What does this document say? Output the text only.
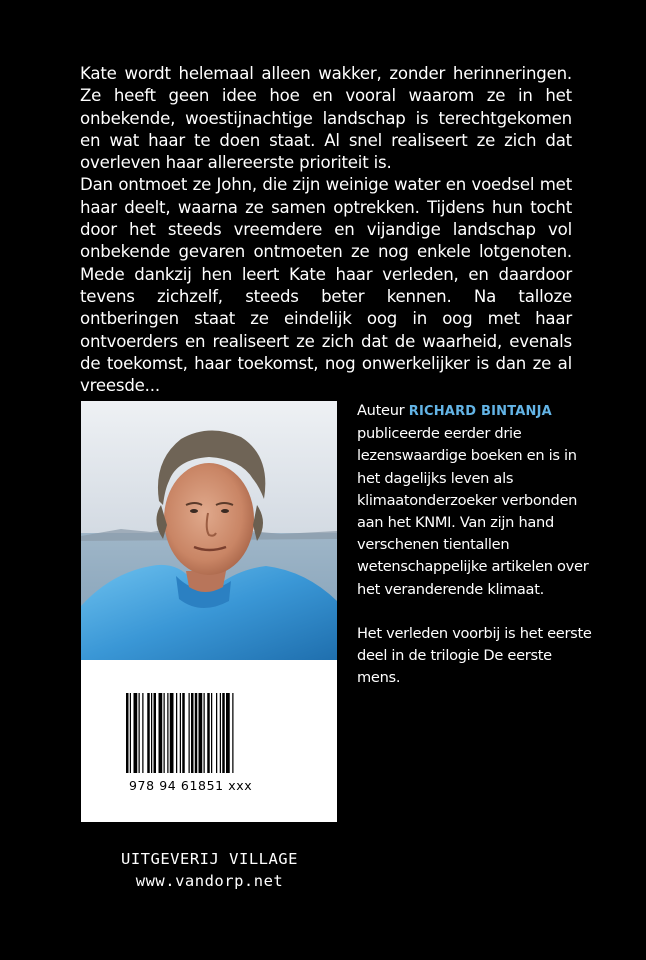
Kate wordt helemaal alleen wakker, zonder herinneringen. Ze heeft geen idee hoe en vooral waarom ze in het onbekende, woestijnachtige landschap is terechtgekomen en wat haar te doen staat. Al snel realiseert ze zich dat overleven haar allereerste prioriteit is.

Dan ontmoet ze John, die zijn weinige water en voedsel met haar deelt, waarna ze samen optrekken. Tijdens hun tocht door het steeds vreemdere en vijandige landschap vol onbekende gevaren ontmoeten ze nog enkele lotgenoten. Mede dankzij hen leert Kate haar verleden, en daardoor tevens zichzelf, steeds beter kennen. Na talloze ontberingen staat ze eindelijk oog in oog met haar ontvoerders en realiseert ze zich dat de waarheid, evenals de toekomst, haar toekomst, nog onwerkelijker is dan ze al vreesde...

978 94 61851 xxx

Auteur RICHARD BINTANJA
publiceerde eerder drie lezenswaardige boeken en is in het dagelijks leven als klimaatonderzoeker verbonden aan het KNMI. Van zijn hand verschenen tientallen wetenschappelijke artikelen over het veranderende klimaat.

Het verleden voorbij is het eerste deel in de trilogie De eerste mens.

UITGEVERIJ VILLAGE
www.vandorp.net
